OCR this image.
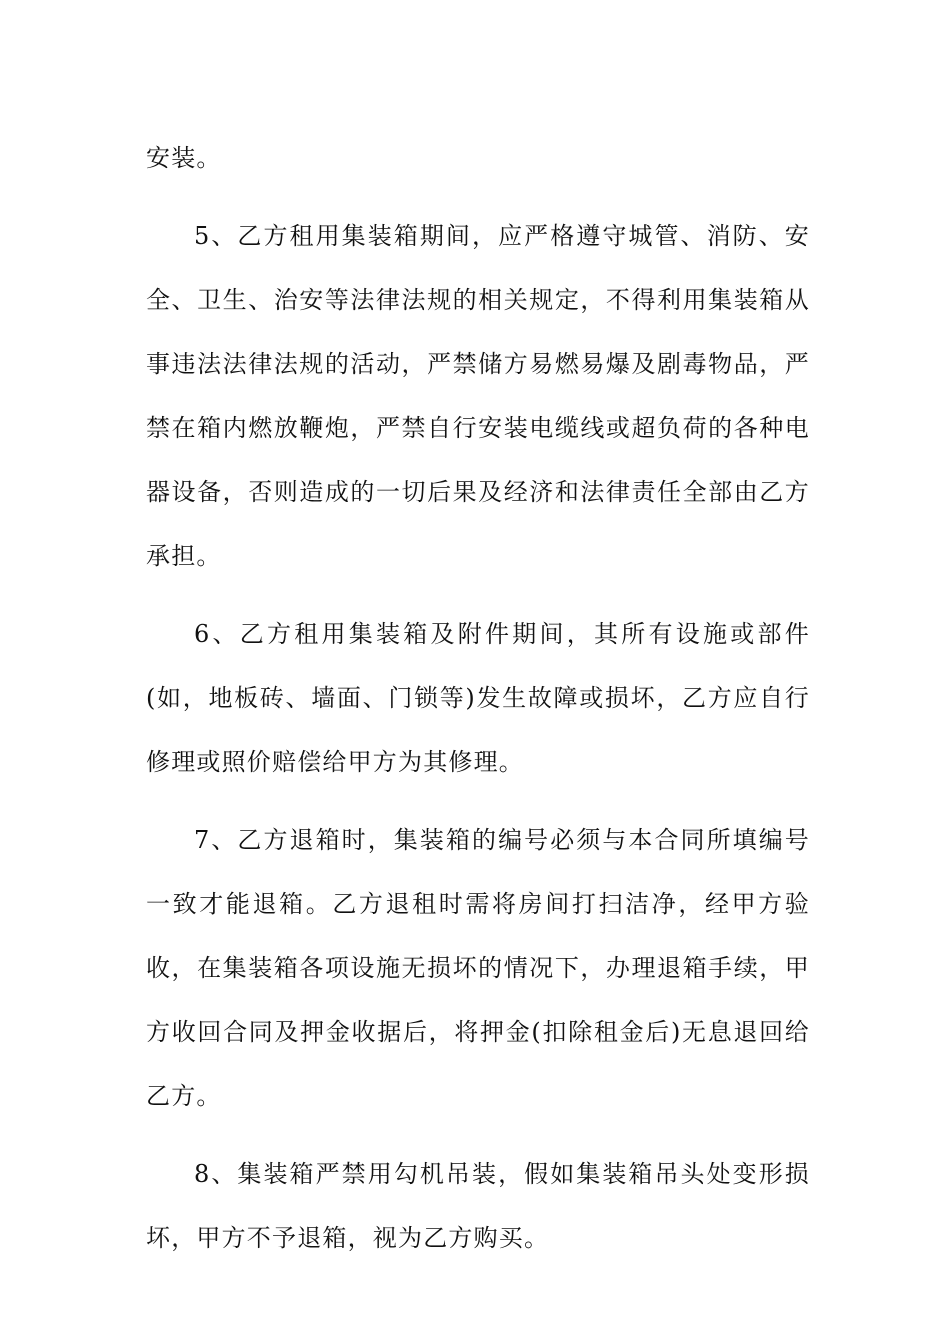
安装。

5、乙方租用集装箱期间，应严格遵守城管、消防、安全、卫生、治安等法律法规的相关规定，不得利用集装箱从事违法法律法规的活动，严禁储方易燃易爆及剧毒物品，严禁在箱内燃放鞭炮，严禁自行安装电缆线或超负荷的各种电器设备，否则造成的一切后果及经济和法律责任全部由乙方承担。

6、乙方租用集装箱及附件期间，其所有设施或部件(如，地板砖、墙面、门锁等)发生故障或损坏，乙方应自行修理或照价赔偿给甲方为其修理。

7、乙方退箱时，集装箱的编号必须与本合同所填编号一致才能退箱。乙方退租时需将房间打扫洁净，经甲方验收，在集装箱各项设施无损坏的情况下，办理退箱手续，甲方收回合同及押金收据后，将押金(扣除租金后)无息退回给乙方。

8、集装箱严禁用勾机吊装，假如集装箱吊头处变形损坏，甲方不予退箱，视为乙方购买。
